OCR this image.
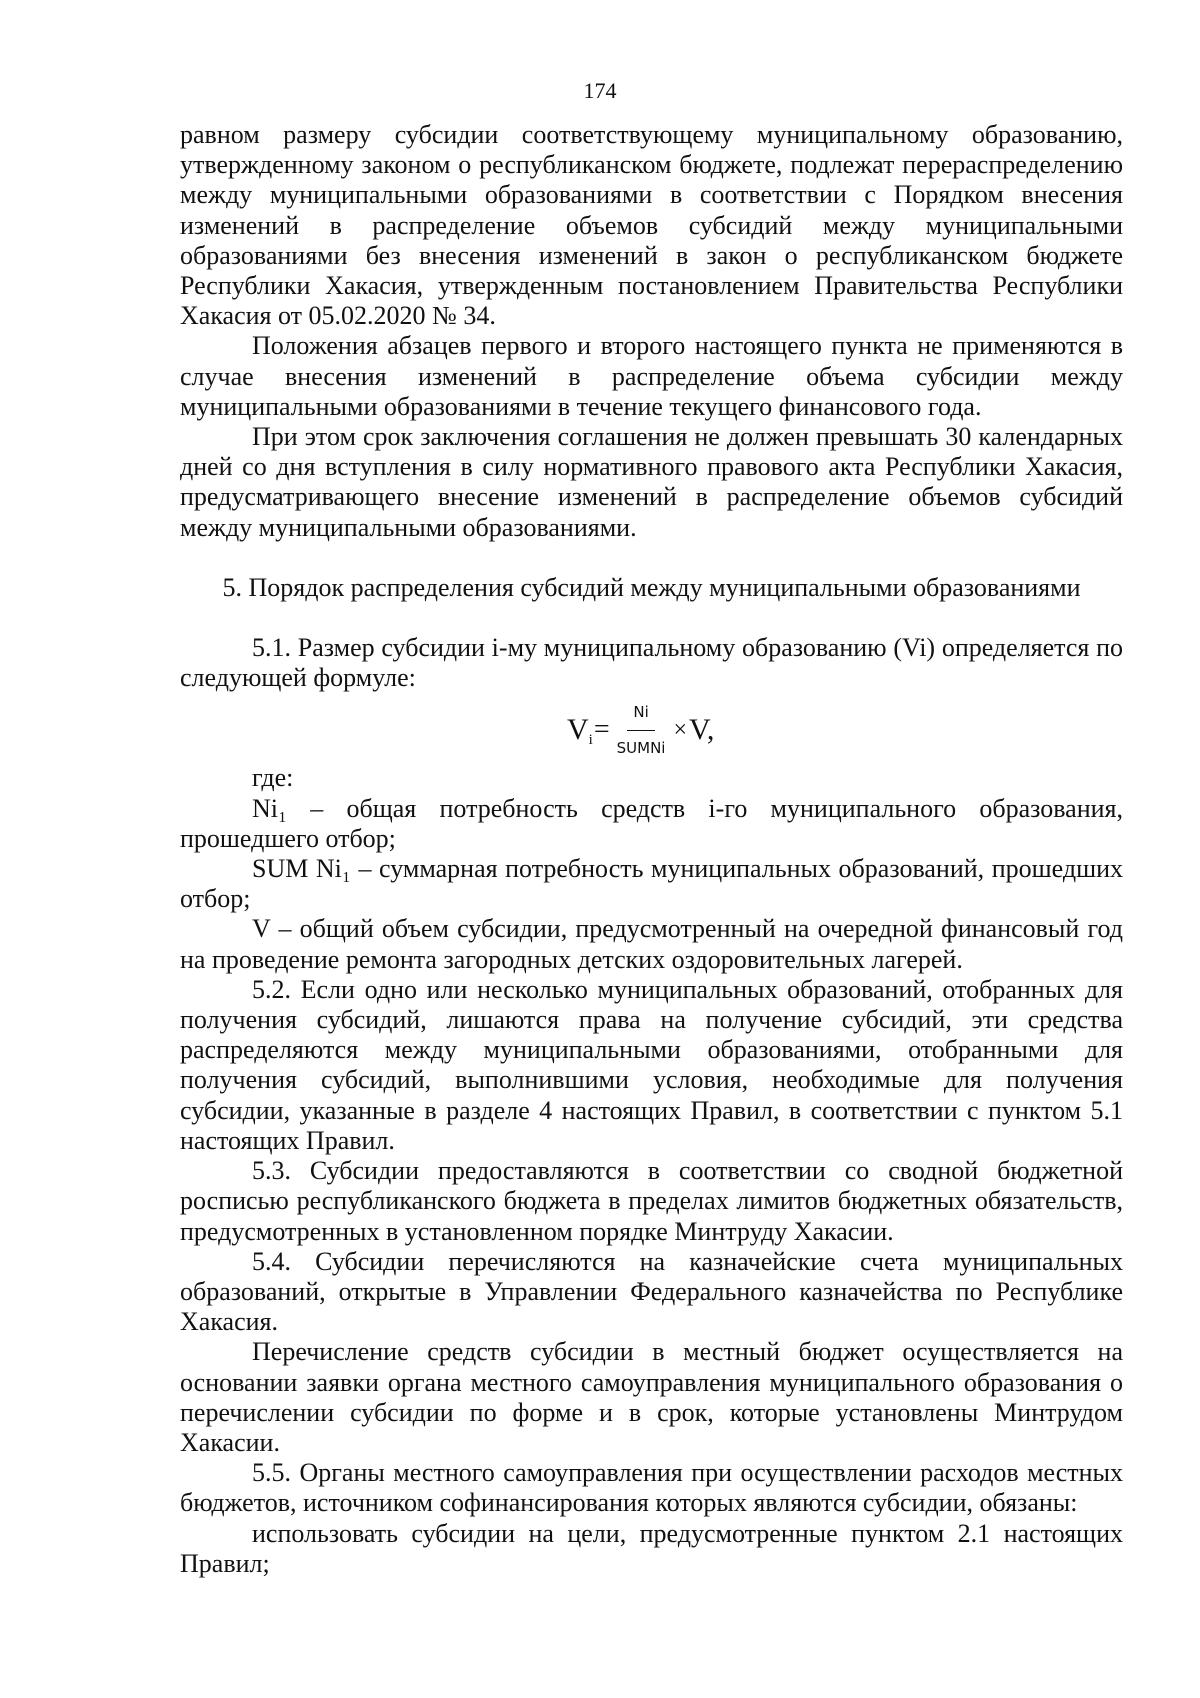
174

равном размеру субсидии соответствующему муниципальному образованию, утвержденному законом о республиканском бюджете, подлежат перераспределению между муниципальными образованиями в соответствии с Порядком внесения изменений в распределение объемов субсидий между муниципальными образованиями без внесения изменений в закон о республиканском бюджете Республики Хакасия, утвержденным постановлением Правительства Республики Хакасия от 05.02.2020 № 34.

Положения абзацев первого и второго настоящего пункта не применяются в случае внесения изменений в распределение объема субсидии между муниципальными образованиями в течение текущего финансового года.

При этом срок заключения соглашения не должен превышать 30 календарных дней со дня вступления в силу нормативного правового акта Республики Хакасия, предусматривающего внесение изменений в распределение объемов субсидий между муниципальными образованиями.

5. Порядок распределения субсидий между муниципальными образованиями

5.1. Размер субсидии i-му муниципальному образованию (Vi) определяется по следующей формуле:

V $i = \frac{Ni}{\text{SUMNi}} \times V$,

где:

Ni₁ – общая потребность средств i-го муниципального образования, прошедшего отбор;

SUM Ni₁ – суммарная потребность муниципальных образований, прошедших отбор;

V – общий объем субсидии, предусмотренный на очередной финансовый год на проведение ремонта загородных детских оздоровительных лагерей.

5.2. Если одно или несколько муниципальных образований, отобранных для получения субсидий, лишаются права на получение субсидий, эти средства распределяются между муниципальными образованиями, отобранными для получения субсидий, выполнившими условия, необходимые для получения субсидии, указанные в разделе 4 настоящих Правил, в соответствии с пунктом 5.1 настоящих Правил.

5.3. Субсидии предоставляются в соответствии со сводной бюджетной росписью республиканского бюджета в пределах лимитов бюджетных обязательств, предусмотренных в установленном порядке Минтруду Хакасии.

5.4. Субсидии перечисляются на казначейские счета муниципальных образований, открытые в Управлении Федерального казначейства по Республике Хакасия.

Перечисление средств субсидии в местный бюджет осуществляется на основании заявки органа местного самоуправления муниципального образования о перечислении субсидии по форме и в срок, которые установлены Минтрудом Хакасии.

5.5. Органы местного самоуправления при осуществлении расходов местных бюджетов, источником софинансирования которых являются субсидии, обязаны:

использовать субсидии на цели, предусмотренные пунктом 2.1 настоящих Правил;
